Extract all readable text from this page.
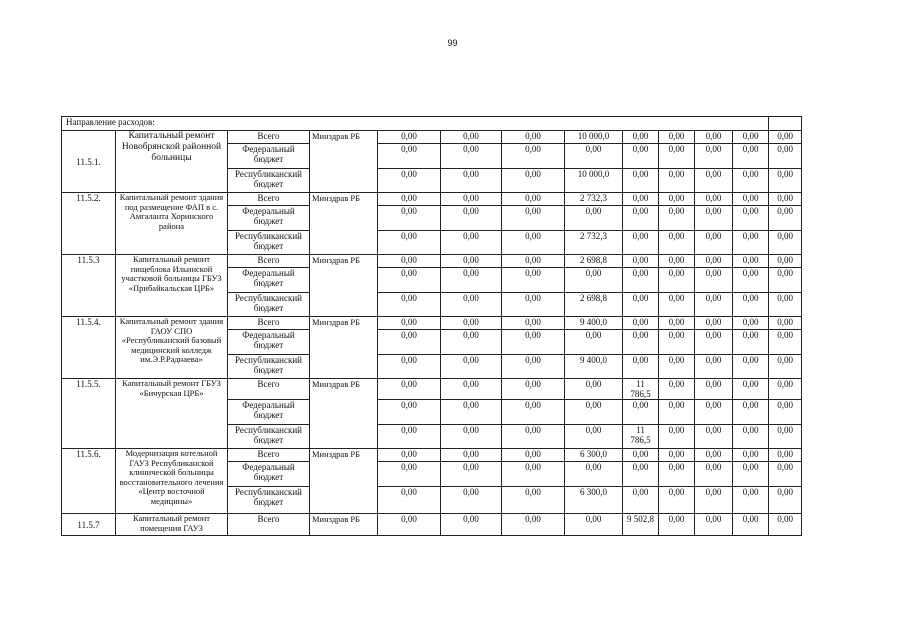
99
Направление расходов:												
11.5.1.	Капитальный ремонт Новобрянской районной больницы	Всего	Минздрав РБ	0,00	0,00	0,00	10 000,0	0,00	0,00	0,00	0,00	0,00
		Федеральный бюджет		0,00	0,00	0,00	0,00	0,00	0,00	0,00	0,00	0,00
		Республиканский бюджет		0,00	0,00	0,00	10 000,0	0,00	0,00	0,00	0,00	0,00
11.5.2.	Капитальный ремонт здания под размещение ФАП в с. Амгаланта Хоринского района	Всего	Минздрав РБ	0,00	0,00	0,00	2 732,3	0,00	0,00	0,00	0,00	0,00
		Федеральный бюджет		0,00	0,00	0,00	0,00	0,00	0,00	0,00	0,00	0,00
		Республиканский бюджет		0,00	0,00	0,00	2 732,3	0,00	0,00	0,00	0,00	0,00
11.5.3	Капитальный ремонт пищеблока Ильинской участковой больницы ГБУЗ «Прибайкальская ЦРБ»	Всего	Минздрав РБ	0,00	0,00	0,00	2 698,8	0,00	0,00	0,00	0,00	0,00
		Федеральный бюджет		0,00	0,00	0,00	0,00	0,00	0,00	0,00	0,00	0,00
		Республиканский бюджет		0,00	0,00	0,00	2 698,8	0,00	0,00	0,00	0,00	0,00
11.5.4.	Капитальный ремонт здания ГАОУ СПО «Республиканский базовый медицинский колледж им.Э.Р.Раднаева»	Всего	Минздрав РБ	0,00	0,00	0,00	9 400,0	0,00	0,00	0,00	0,00	0,00
		Федеральный бюджет		0,00	0,00	0,00	0,00	0,00	0,00	0,00	0,00	0,00
		Республиканский бюджет		0,00	0,00	0,00	9 400,0	0,00	0,00	0,00	0,00	0,00
11.5.5.	Капитальный ремонт ГБУЗ «Бичурская ЦРБ»	Всего	Минздрав РБ	0,00	0,00	0,00	0,00	11 786,5	0,00	0,00	0,00	0,00
		Федеральный бюджет		0,00	0,00	0,00	0,00	0,00	0,00	0,00	0,00	0,00
		Республиканский бюджет		0,00	0,00	0,00	0,00	11 786,5	0,00	0,00	0,00	0,00
11.5.6.	Модернизация котельной ГАУЗ Республиканской клинической больницы восстановительного лечения «Центр восточной медицины»	Всего	Минздрав РБ	0,00	0,00	0,00	6 300,0	0,00	0,00	0,00	0,00	0,00
		Федеральный бюджет		0,00	0,00	0,00	0,00	0,00	0,00	0,00	0,00	0,00
		Республиканский бюджет		0,00	0,00	0,00	6 300,0	0,00	0,00	0,00	0,00	0,00
11.5.7	Капитальный ремонт помещения ГАУЗ	Всего	Минздрав РБ	0,00	0,00	0,00	0,00	9 502,8	0,00	0,00	0,00	0,00
